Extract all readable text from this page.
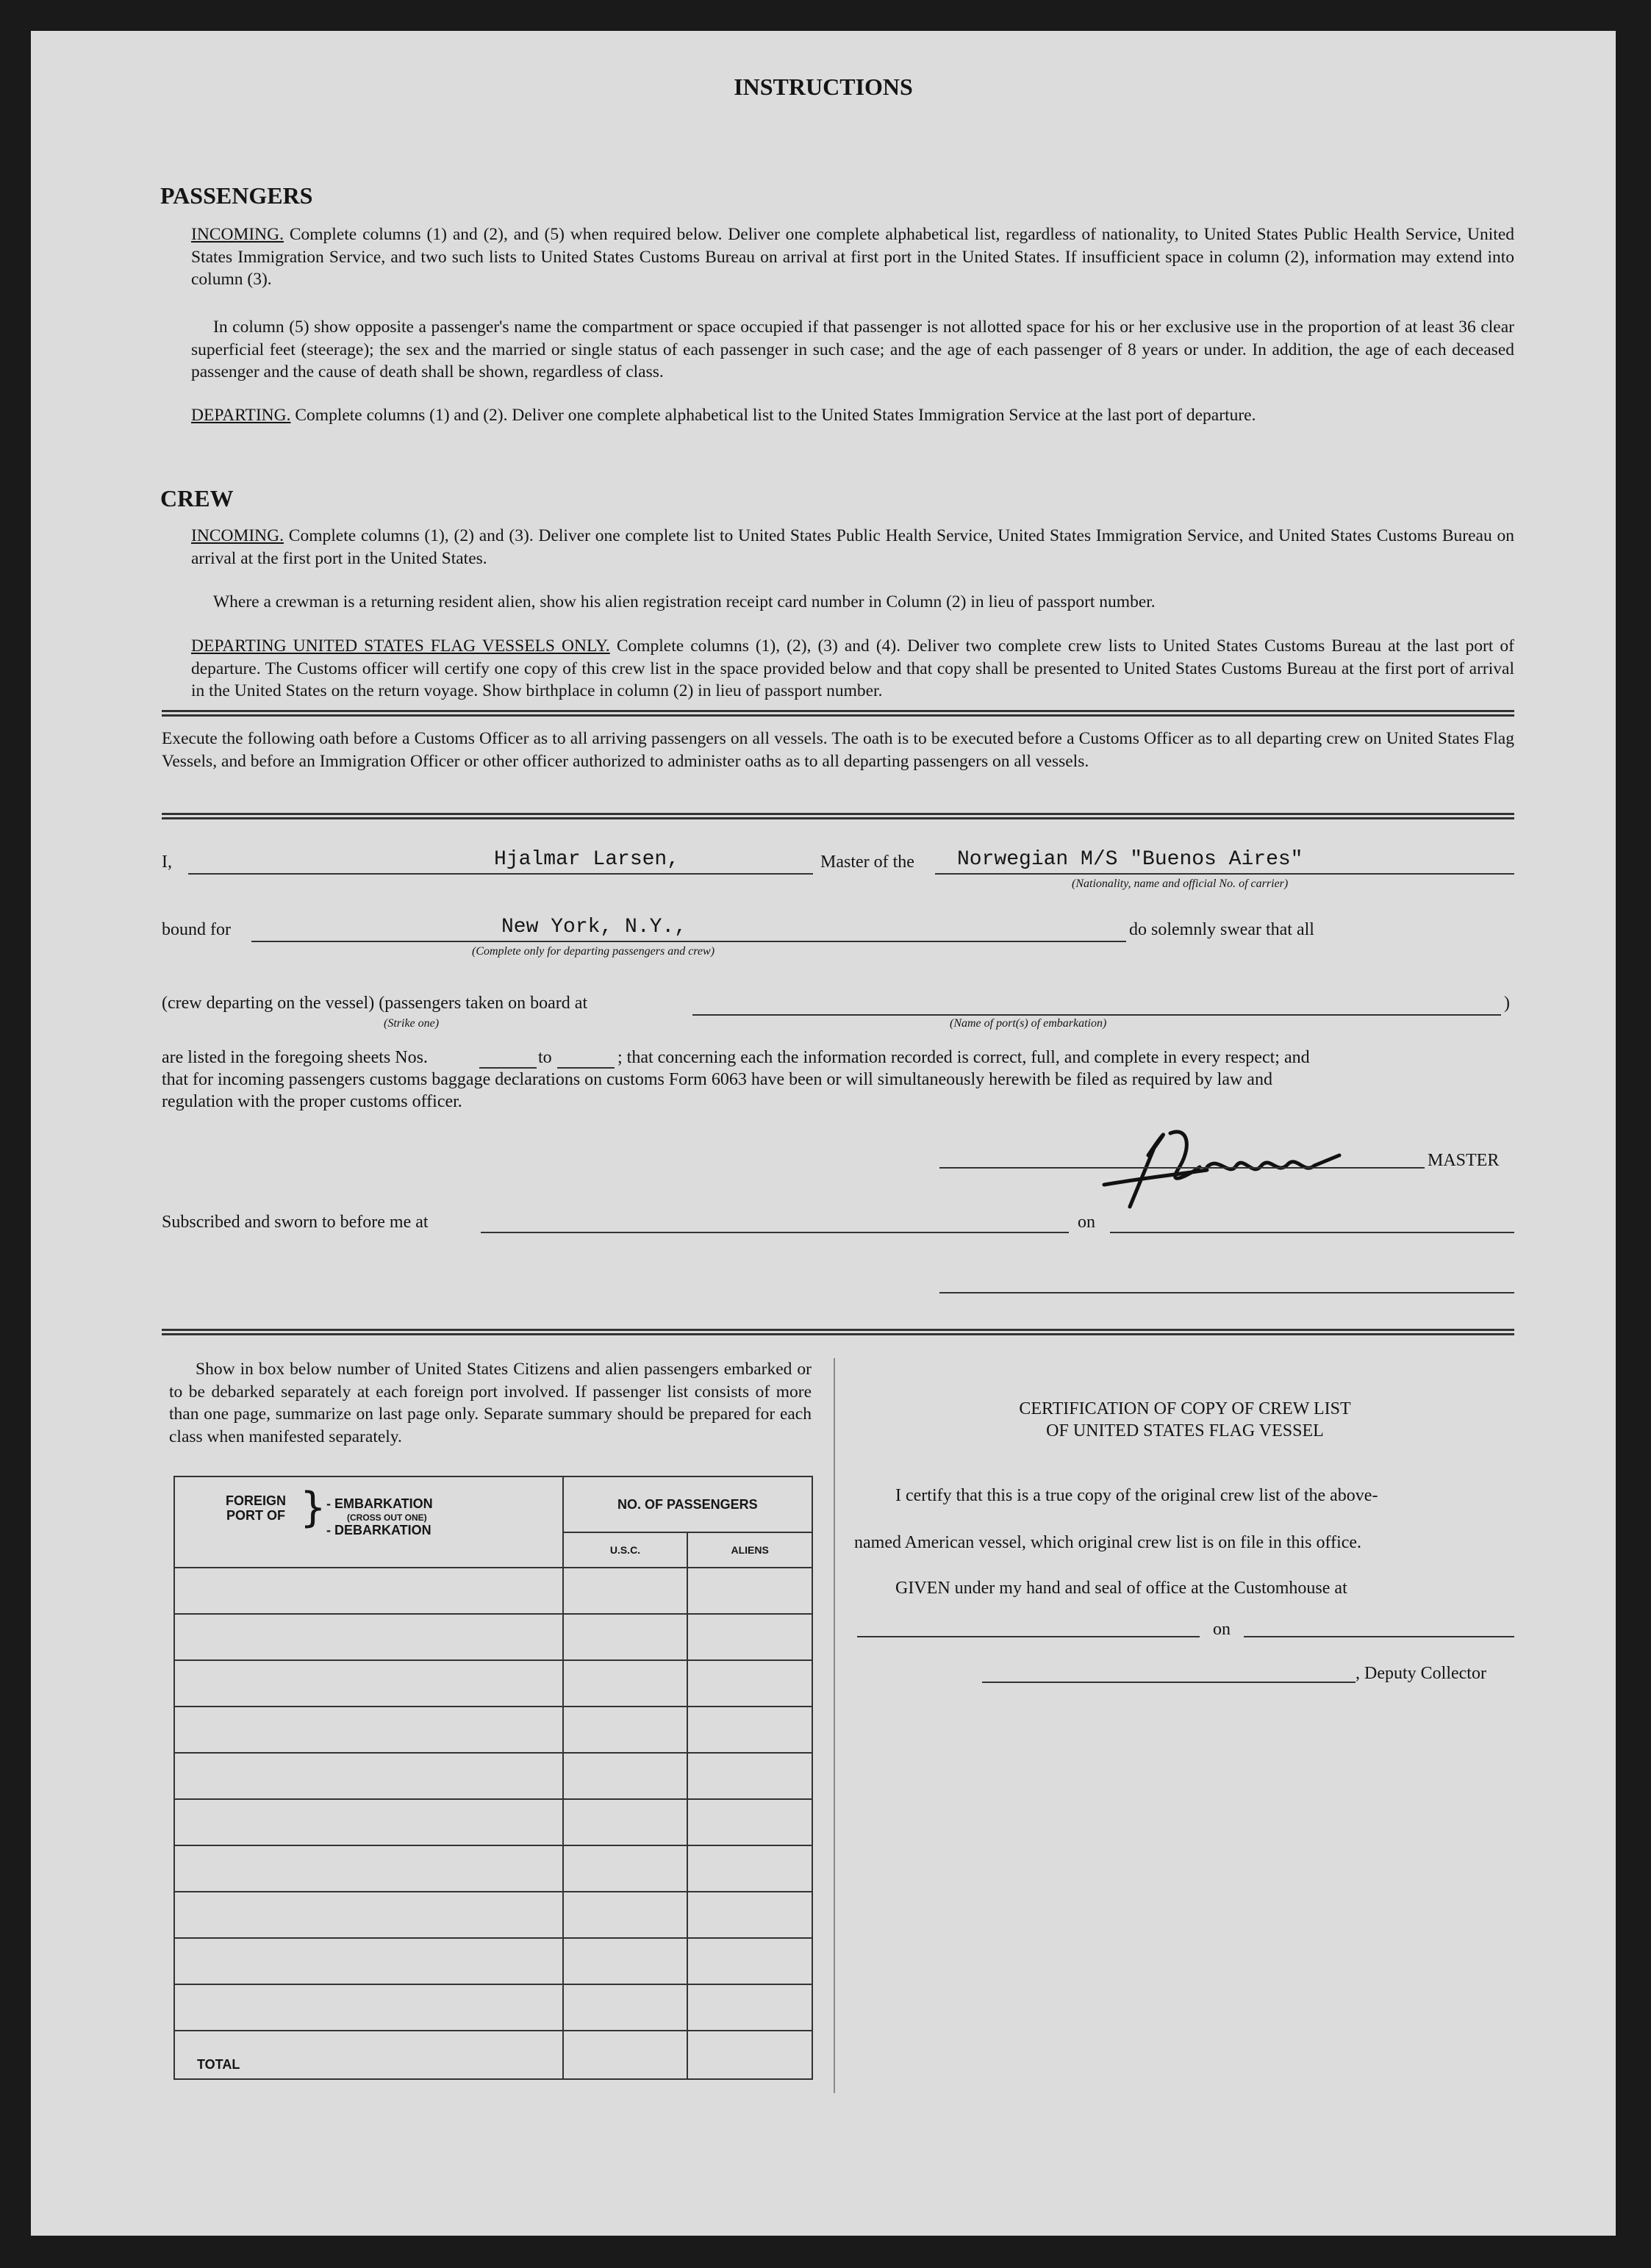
INSTRUCTIONS
PASSENGERS
INCOMING. Complete columns (1) and (2), and (5) when required below. Deliver one complete alphabetical list, regardless of nationality, to United States Public Health Service, United States Immigration Service, and two such lists to United States Customs Bureau on arrival at first port in the United States. If insufficient space in column (2), information may extend into column (3).
In column (5) show opposite a passenger's name the compartment or space occupied if that passenger is not allotted space for his or her exclusive use in the proportion of at least 36 clear superficial feet (steerage); the sex and the married or single status of each passenger in such case; and the age of each passenger of 8 years or under. In addition, the age of each deceased passenger and the cause of death shall be shown, regardless of class.
DEPARTING. Complete columns (1) and (2). Deliver one complete alphabetical list to the United States Immigration Service at the last port of departure.
CREW
INCOMING. Complete columns (1), (2) and (3). Deliver one complete list to United States Public Health Service, United States Immigration Service, and United States Customs Bureau on arrival at the first port in the United States.
Where a crewman is a returning resident alien, show his alien registration receipt card number in Column (2) in lieu of passport number.
DEPARTING UNITED STATES FLAG VESSELS ONLY. Complete columns (1), (2), (3) and (4). Deliver two complete crew lists to United States Customs Bureau at the last port of departure. The Customs officer will certify one copy of this crew list in the space provided below and that copy shall be presented to United States Customs Bureau at the first port of arrival in the United States on the return voyage. Show birthplace in column (2) in lieu of passport number.
Execute the following oath before a Customs Officer as to all arriving passengers on all vessels. The oath is to be executed before a Customs Officer as to all departing crew on United States Flag Vessels, and before an Immigration Officer or other officer authorized to administer oaths as to all departing passengers on all vessels.
I,	Hjalmar Larsen,	Master of the Norwegian M/S "Buenos Aires"
(Nationality, name and official No. of carrier)
bound for	New York, N.Y.,
(Complete only for departing passengers and crew)
do solemnly swear that all
(crew departing on the vessel) (passengers taken on board at	)
(Strike one)	(Name of port(s) of embarkation)
are listed in the foregoing sheets Nos.	to	; that concerning each the information recorded is correct, full, and complete in every respect; and
that for incoming passengers customs baggage declarations on customs Form 6063 have been or will simultaneously herewith be filed as required by law and
regulation with the proper customs officer.
MASTER
Subscribed and sworn to before me at	on
Show in box below number of United States Citizens and alien passengers embarked or to be debarked separately at each foreign port involved. If passenger list consists of more than one page, summarize on last page only. Separate summary should be prepared for each class when manifested separately.
FOREIGN PORT OF } - EMBARKATION
(CROSS OUT ONE)
- DEBARKATION	NO. OF PASSENGERS	
	U.S.C.	ALIENS

TOTAL		
CERTIFICATION OF COPY OF CREW LIST
OF UNITED STATES FLAG VESSEL
I certify that this is a true copy of the original crew list of the above-
named American vessel, which original crew list is on file in this office.
GIVEN under my hand and seal of office at the Customhouse at
on
, Deputy Collector
